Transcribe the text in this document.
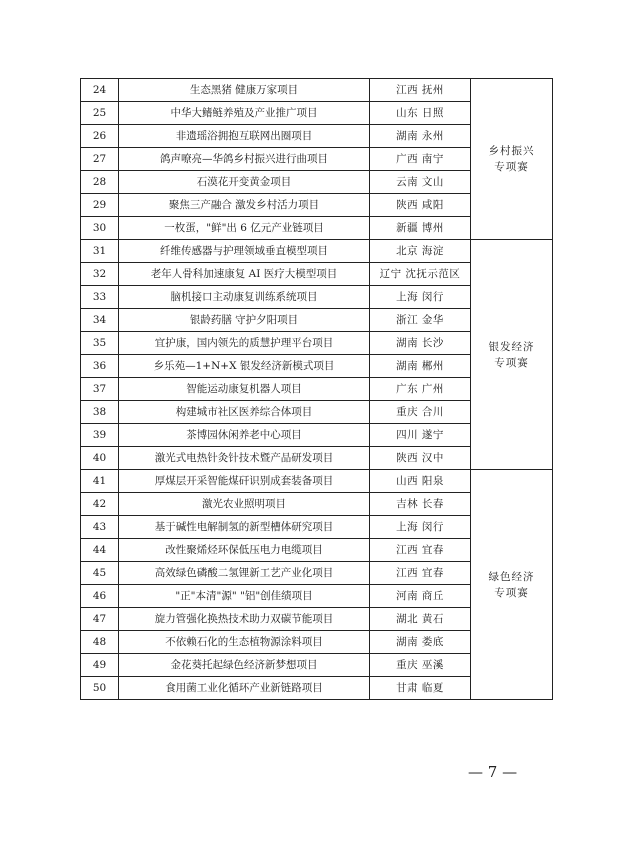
24	生态黑猪 健康万家项目	江西 抚州	乡村振兴专项赛
25	中华大鳍鲢养殖及产业推广项目	山东 日照	
26	非遗瑶浴拥抱互联网出圈项目	湖南 永州	
27	鸽声嘹亮—华鸽乡村振兴进行曲项目	广西 南宁	
28	石漠花开变黄金项目	云南 文山	
29	聚焦三产融合 激发乡村活力项目	陕西 咸阳	
30	一枚蛋，"鲜"出 6 亿元产业链项目	新疆 博州	
31	纤维传感器与护理领域垂直模型项目	北京 海淀	银发经济专项赛
32	老年人骨科加速康复 AI 医疗大模型项目	辽宁 沈抚示范区	
33	脑机接口主动康复训练系统项目	上海 闵行	
34	银龄药膳 守护夕阳项目	浙江 金华	
35	宜护康，国内领先的质慧护理平台项目	湖南 长沙	
36	乡乐苑—1+N+X 银发经济新模式项目	湖南 郴州	
37	智能运动康复机器人项目	广东 广州	
38	构建城市社区医养综合体项目	重庆 合川	
39	茶博园休闲养老中心项目	四川 遂宁	
40	激光式电热针灸针技术暨产品研发项目	陕西 汉中	
41	厚煤层开采智能煤矸识别成套装备项目	山西 阳泉	绿色经济专项赛
42	激光农业照明项目	吉林 长春	
43	基于碱性电解制氢的新型槽体研究项目	上海 闵行	
44	改性聚烯烃环保低压电力电缆项目	江西 宜春	
45	高效绿色磷酸二氢锂新工艺产业化项目	江西 宜春	
46	"正"本清"源" "铝"创佳绩项目	河南 商丘	
47	旋力管强化换热技术助力双碳节能项目	湖北 黄石	
48	不依赖石化的生态植物源涂料项目	湖南 娄底	
49	金花葵托起绿色经济新梦想项目	重庆 巫溪	
50	食用菌工业化循环产业新链路项目	甘肃 临夏	
— 7 —
